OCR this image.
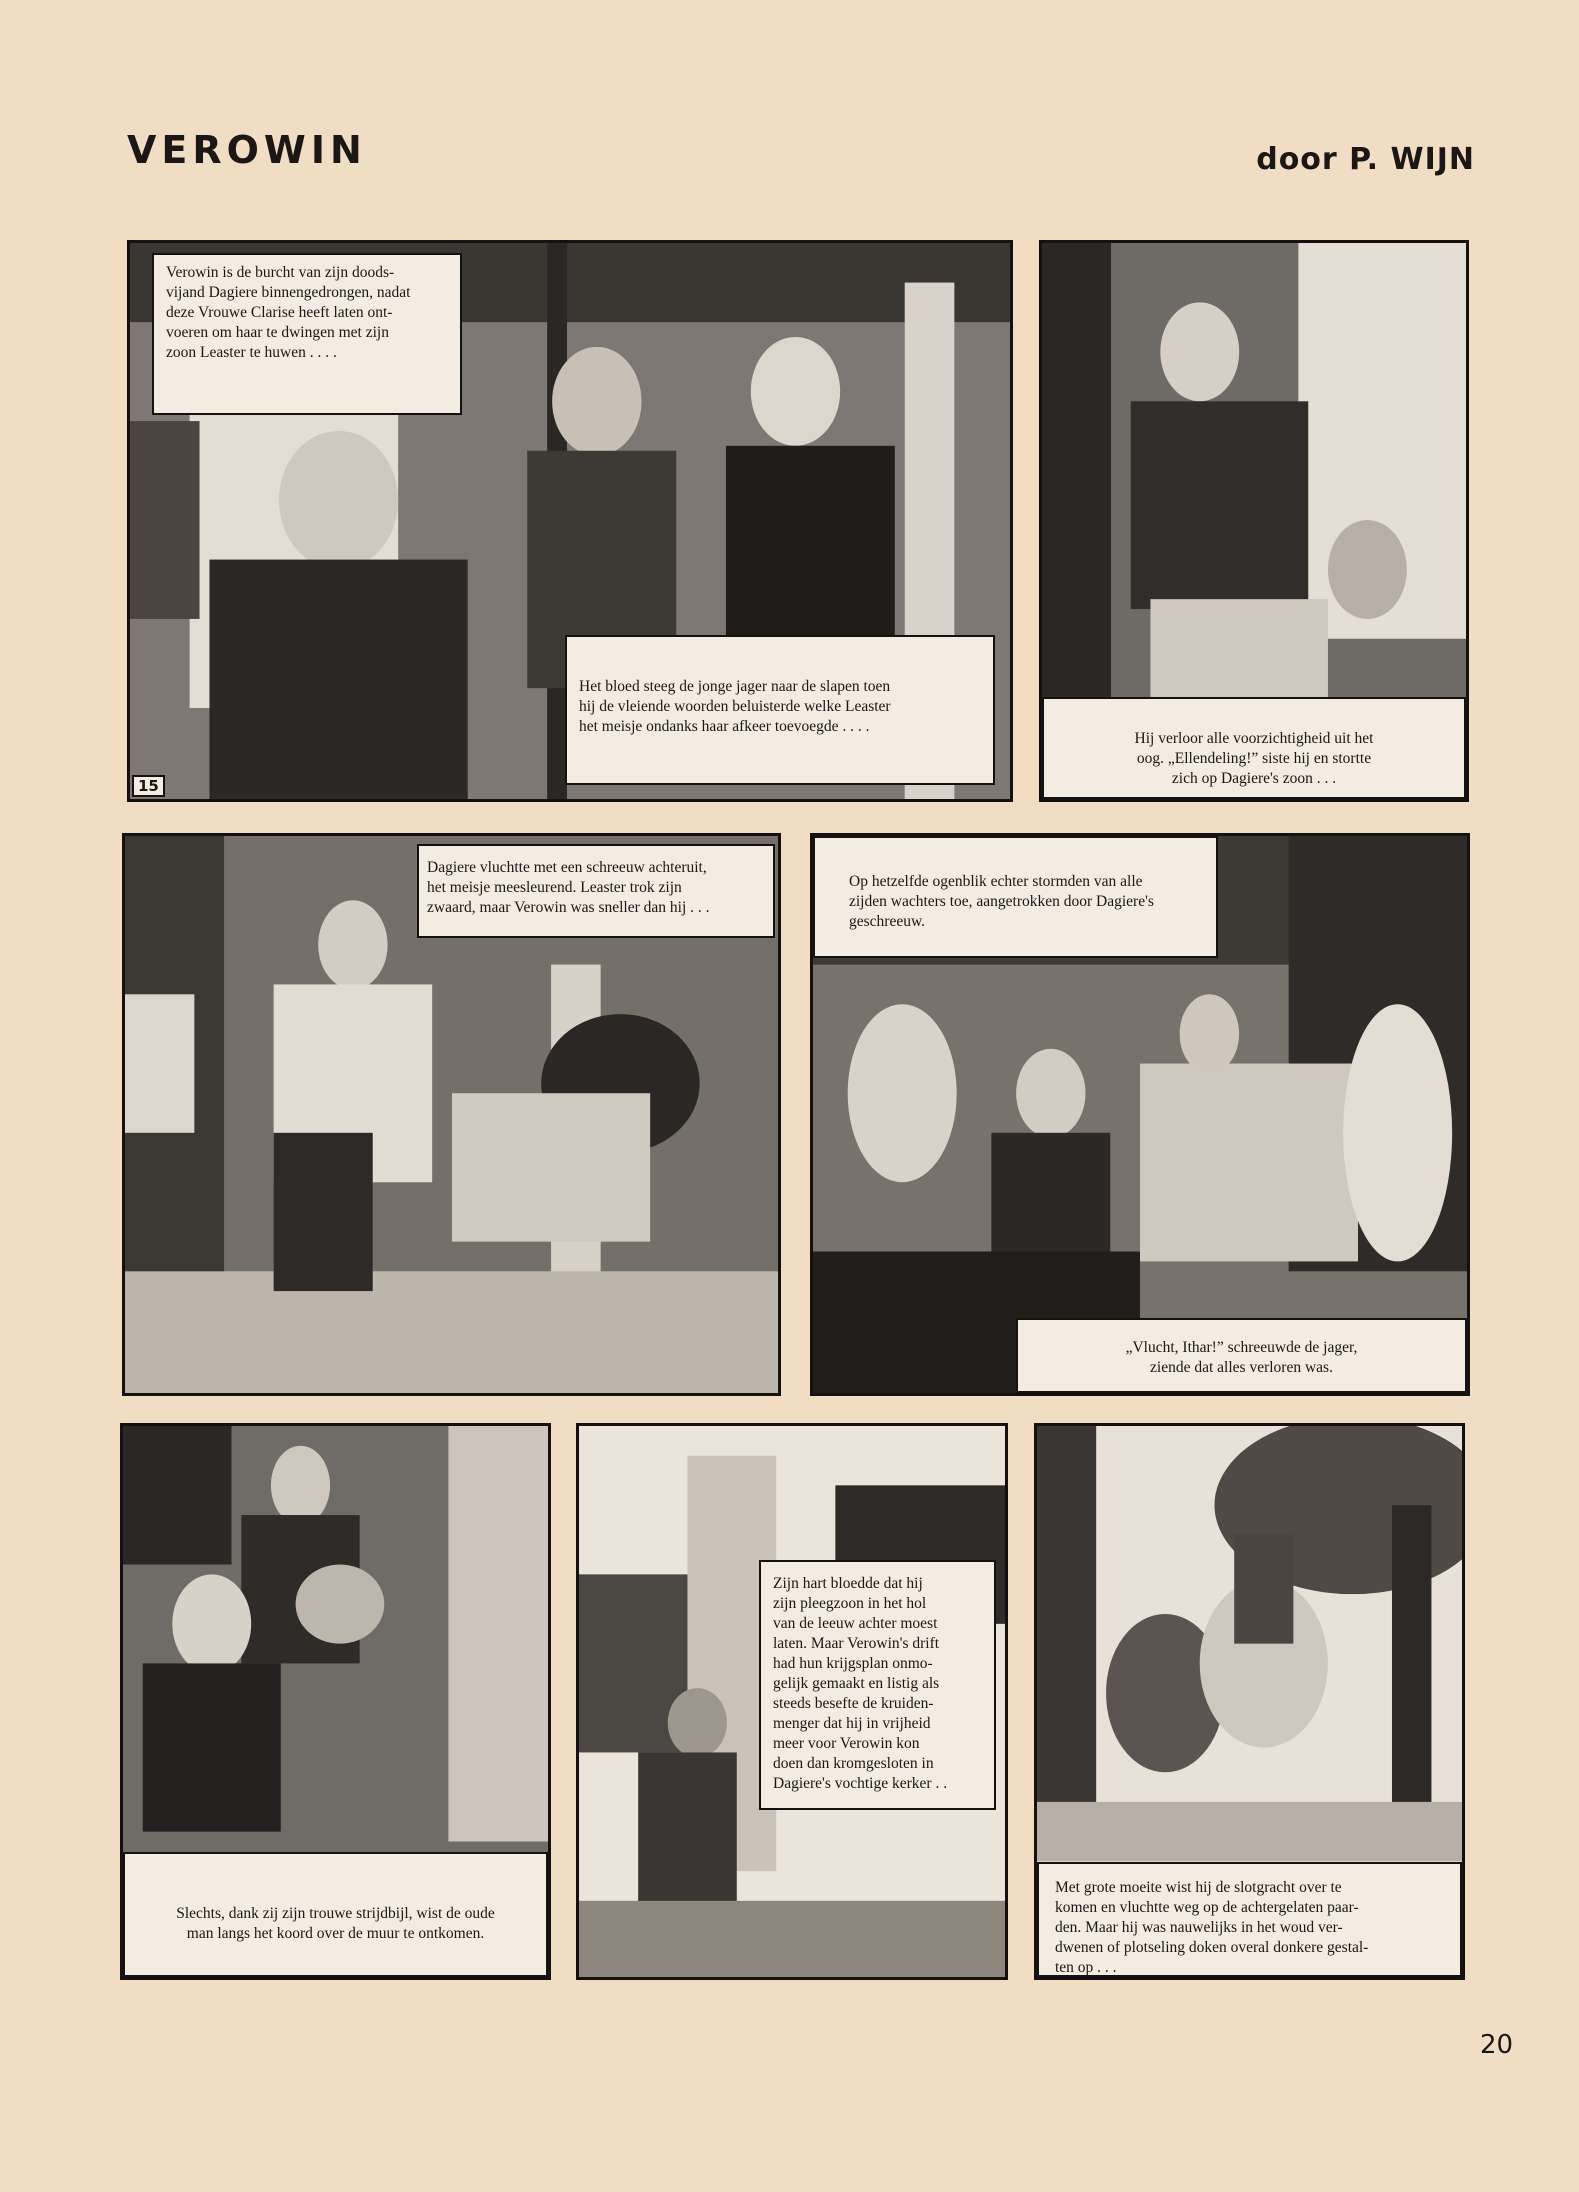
VEROWIN	door P. WIJN
Verowin is de burcht van zijn doods-
vijand Dagiere binnengedrongen, nadat
deze Vrouwe Clarise heeft laten ont-
voeren om haar te dwingen met zijn
zoon Leaster te huwen . . . .
Het bloed steeg de jonge jager naar de slapen toen
hij de vleiende woorden beluisterde welke Leaster
het meisje ondanks haar afkeer toevoegde . . . .
15
Hij verloor alle voorzichtigheid uit het
oog. „Ellendeling!” siste hij en stortte
zich op Dagiere's zoon . . .
Dagiere vluchtte met een schreeuw achteruit,
het meisje meesleurend. Leaster trok zijn
zwaard, maar Verowin was sneller dan hij . . .
Op hetzelfde ogenblik echter stormden van alle
zijden wachters toe, aangetrokken door Dagiere's
geschreeuw.
„Vlucht, Ithar!” schreeuwde de jager,
ziende dat alles verloren was.
Slechts, dank zij zijn trouwe strijdbijl, wist de oude
man langs het koord over de muur te ontkomen.
Zijn hart bloedde dat hij
zijn pleegzoon in het hol
van de leeuw achter moest
laten. Maar Verowin's drift
had hun krijgsplan onmo-
gelijk gemaakt en listig als
steeds besefte de kruiden-
menger dat hij in vrijheid
meer voor Verowin kon
doen dan kromgesloten in
Dagiere's vochtige kerker . .
Met grote moeite wist hij de slotgracht over te
komen en vluchtte weg op de achtergelaten paar-
den. Maar hij was nauwelijks in het woud ver-
dwenen of plotseling doken overal donkere gestal-
ten op . . .
20
